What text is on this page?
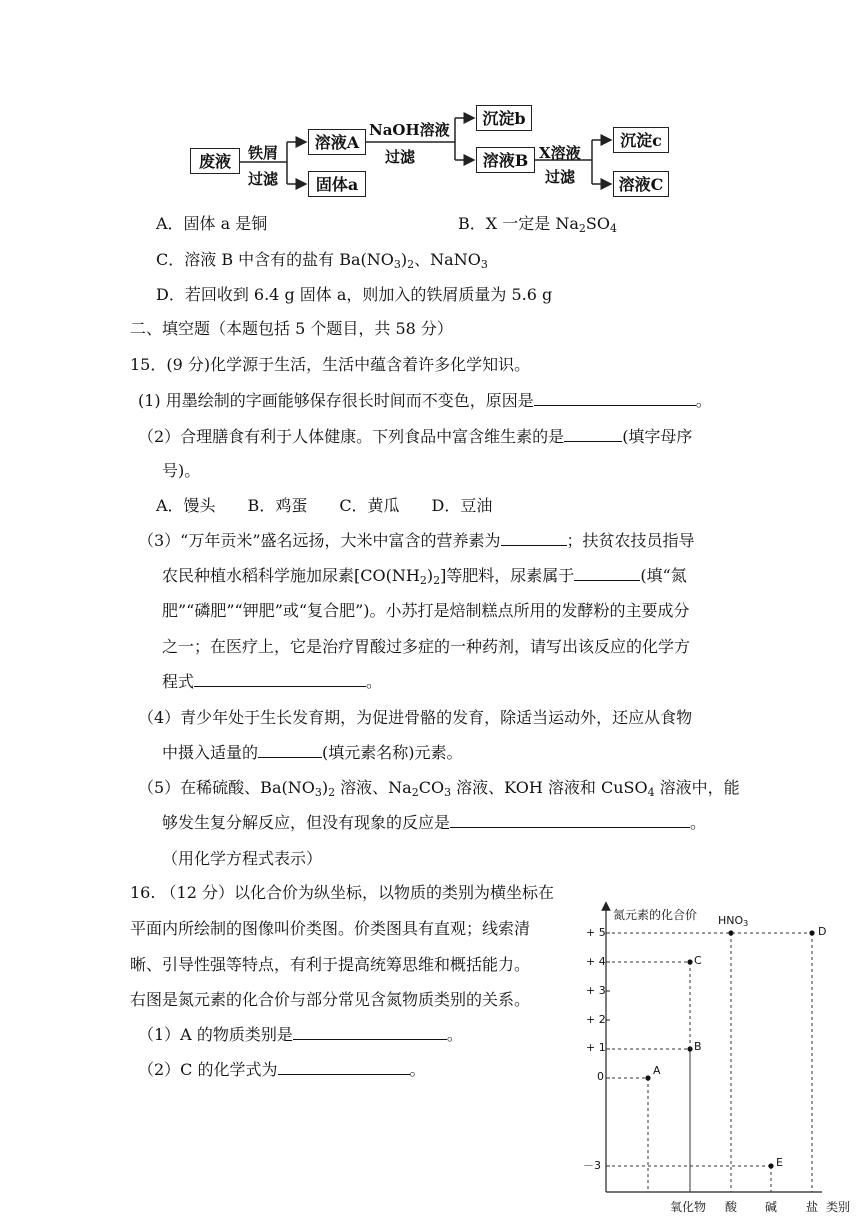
废液	铁屑
过滤
溶液A
固体a
NaOH溶液
过滤
沉淀b
溶液B X溶液
过滤
沉淀c
溶液C
A．固体 a 是铜	B．X 一定是 $Na_2SO_4$
C．溶液 B 中含有的盐有 $Ba(NO_3)_2$、NaNO$_3$
D．若回收到 6.4 g 固体 a，则加入的铁屑质量为 5.6 g
二、填空题（本题包括 5 个题目，共 58 分）
15．(9 分)化学源于生活，生活中蕴含着许多化学知识。
(1) 用墨绘制的字画能够保存很长时间而不变色，原因是	。
（2）合理膳食有利于人体健康。下列食品中富含维生素的是	(填字母序
号)。
A．馒头　　B．鸡蛋　　C．黄瓜　　D．豆油
（3）“万年贡米”盛名远扬，大米中富含的营养素为	；扶贫农技员指导
农民种植水稻科学施加尿素$[CO(NH_2)_2]$等肥料，尿素属于	(填“氮
肥”“磷肥”“钾肥”或“复合肥”)。小苏打是焙制糕点所用的发酵粉的主要成分
之一；在医疗上，它是治疗胃酸过多症的一种药剂，请写出该反应的化学方
程式	。
（4）青少年处于生长发育期，为促进骨骼的发育，除适当运动外，还应从食物
中摄入适量的	(填元素名称)元素。
（5）在稀硫酸、$Ba(NO_3)_2$ 溶液、$Na_2CO_3$ 溶液、KOH 溶液和 CuSO$_4$ 溶液中，能
够发生复分解反应，但没有现象的反应是	。
（用化学方程式表示）
16. （12 分）以化合价为纵坐标，以物质的类别为横坐标在
平面内所绘制的图像叫价类图。价类图具有直观；线索清
晰、引导性强等特点，有利于提高统筹思维和概括能力。
右图是氮元素的化合价与部分常见含氮物质类别的关系。
（1）A 的物质类别是	。
（2）C 的化学式为	。
氮元素的化合价
类别
+ 5
+ 4
+ 3
+ 2
+ 1
0
－3
氧化物 酸 碱 盐
A
B
C
HNO3
D
E
